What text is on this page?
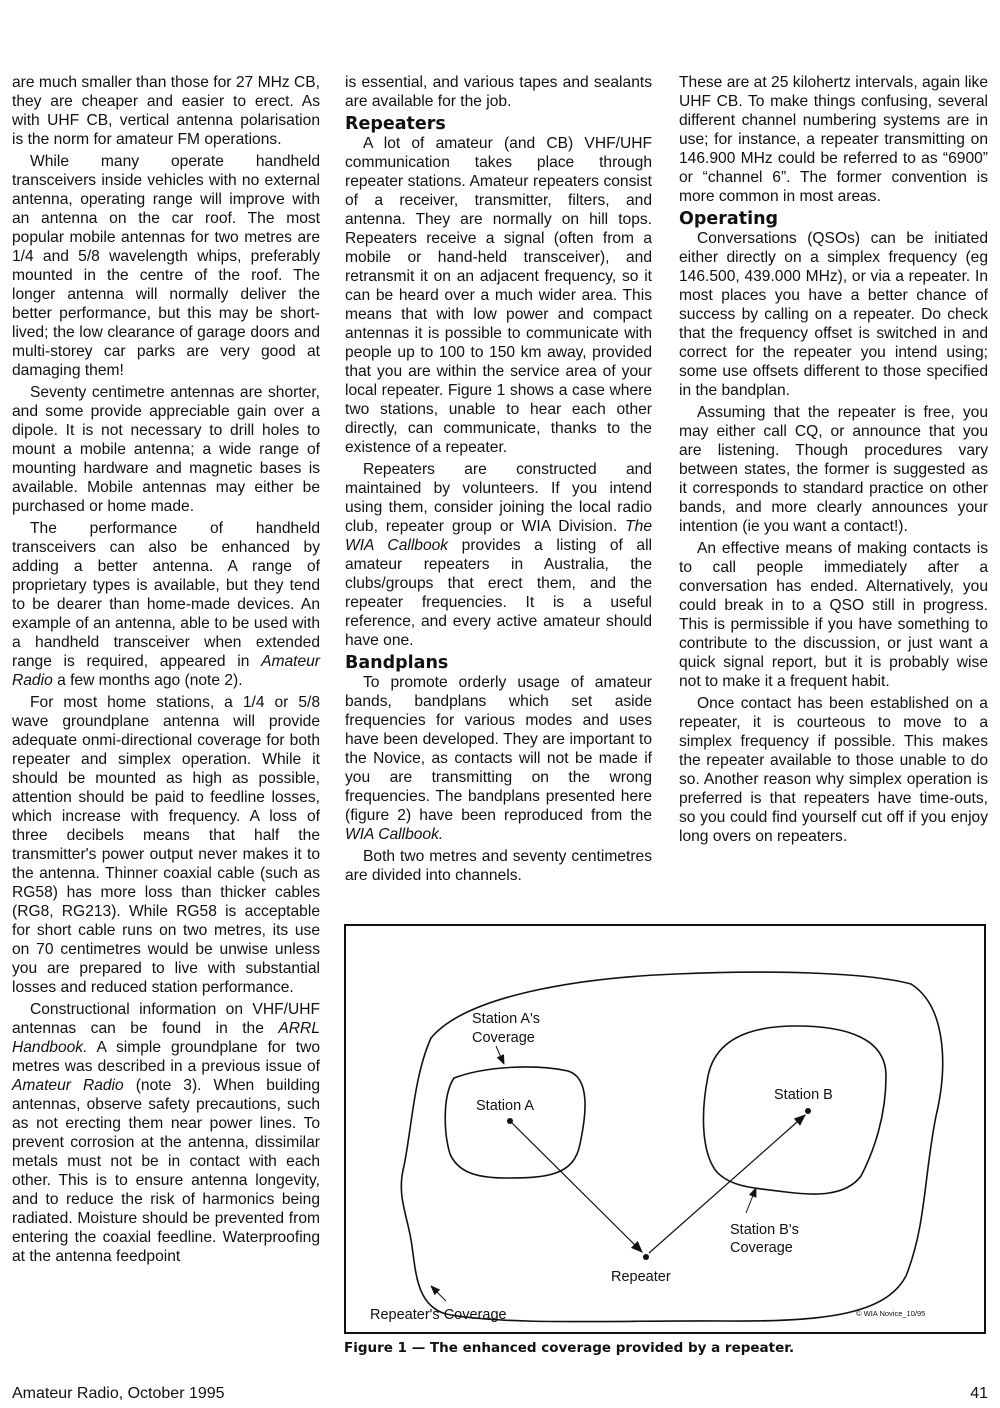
are much smaller than those for 27 MHz CB, they are cheaper and easier to erect. As with UHF CB, vertical antenna polarisation is the norm for amateur FM operations.

While many operate handheld transceivers inside vehicles with no external antenna, operating range will improve with an antenna on the car roof. The most popular mobile antennas for two metres are 1/4 and 5/8 wavelength whips, preferably mounted in the centre of the roof. The longer antenna will normally deliver the better performance, but this may be short-lived; the low clearance of garage doors and multi-storey car parks are very good at damaging them!

Seventy centimetre antennas are shorter, and some provide appreciable gain over a dipole. It is not necessary to drill holes to mount a mobile antenna; a wide range of mounting hardware and magnetic bases is available. Mobile antennas may either be purchased or home made.

The performance of handheld transceivers can also be enhanced by adding a better antenna. A range of proprietary types is available, but they tend to be dearer than home-made devices. An example of an antenna, able to be used with a handheld transceiver when extended range is required, appeared in Amateur Radio a few months ago (note 2).

For most home stations, a 1/4 or 5/8 wave groundplane antenna will provide adequate onmi-directional coverage for both repeater and simplex operation. While it should be mounted as high as possible, attention should be paid to feedline losses, which increase with frequency. A loss of three decibels means that half the transmitter's power output never makes it to the antenna. Thinner coaxial cable (such as RG58) has more loss than thicker cables (RG8, RG213). While RG58 is acceptable for short cable runs on two metres, its use on 70 centimetres would be unwise unless you are prepared to live with substantial losses and reduced station performance.

Constructional information on VHF/UHF antennas can be found in the ARRL Handbook. A simple groundplane for two metres was described in a previous issue of Amateur Radio (note 3). When building antennas, observe safety precautions, such as not erecting them near power lines. To prevent corrosion at the antenna, dissimilar metals must not be in contact with each other. This is to ensure antenna longevity, and to reduce the risk of harmonics being radiated. Moisture should be prevented from entering the coaxial feedline. Waterproofing at the antenna feedpoint

is essential, and various tapes and sealants are available for the job.

Repeaters

A lot of amateur (and CB) VHF/UHF communication takes place through repeater stations. Amateur repeaters consist of a receiver, transmitter, filters, and antenna. They are normally on hill tops. Repeaters receive a signal (often from a mobile or hand-held transceiver), and retransmit it on an adjacent frequency, so it can be heard over a much wider area. This means that with low power and compact antennas it is possible to communicate with people up to 100 to 150 km away, provided that you are within the service area of your local repeater. Figure 1 shows a case where two stations, unable to hear each other directly, can communicate, thanks to the existence of a repeater.

Repeaters are constructed and maintained by volunteers. If you intend using them, consider joining the local radio club, repeater group or WIA Division. The WIA Callbook provides a listing of all amateur repeaters in Australia, the clubs/groups that erect them, and the repeater frequencies. It is a useful reference, and every active amateur should have one.

Bandplans

To promote orderly usage of amateur bands, bandplans which set aside frequencies for various modes and uses have been developed. They are important to the Novice, as contacts will not be made if you are transmitting on the wrong frequencies. The bandplans presented here (figure 2) have been reproduced from the WIA Callbook.

Both two metres and seventy centimetres are divided into channels.

These are at 25 kilohertz intervals, again like UHF CB. To make things confusing, several different channel numbering systems are in use; for instance, a repeater transmitting on 146.900 MHz could be referred to as “6900” or “channel 6”. The former convention is more common in most areas.

Operating

Conversations (QSOs) can be initiated either directly on a simplex frequency (eg 146.500, 439.000 MHz), or via a repeater. In most places you have a better chance of success by calling on a repeater. Do check that the frequency offset is switched in and correct for the repeater you intend using; some use offsets different to those specified in the bandplan.

Assuming that the repeater is free, you may either call CQ, or announce that you are listening. Though procedures vary between states, the former is suggested as it corresponds to standard practice on other bands, and more clearly announces your intention (ie you want a contact!).

An effective means of making contacts is to call people immediately after a conversation has ended. Alternatively, you could break in to a QSO still in progress. This is permissible if you have something to contribute to the discussion, or just want a quick signal report, but it is probably wise not to make it a frequent habit.

Once contact has been established on a repeater, it is courteous to move to a simplex frequency if possible. This makes the repeater available to those unable to do so. Another reason why simplex operation is preferred is that repeaters have time-outs, so you could find yourself cut off if you enjoy long overs on repeaters.

Station A's
Coverage
Station A
Station B
Station B's
Coverage
Repeater
Repeater's Coverage	© WIA Novice_10/95
Figure 1 — The enhanced coverage provided by a repeater.
Amateur Radio, October 1995	41
